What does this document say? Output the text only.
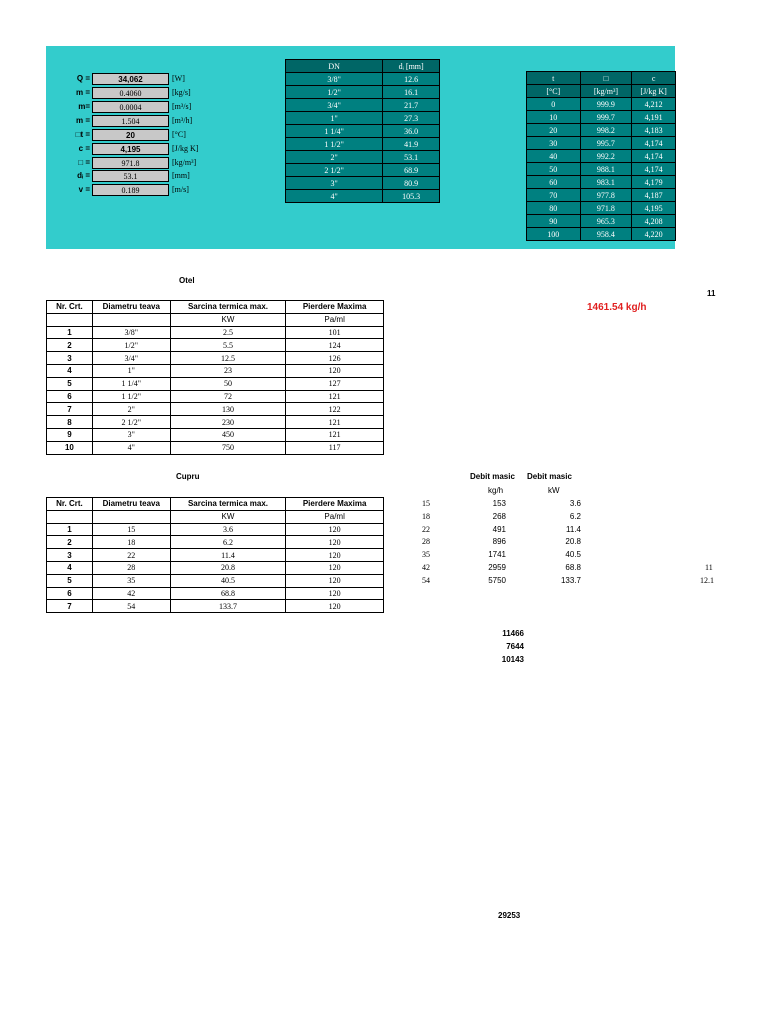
Q =	34,062	[W]
m =	0.4060	[kg/s]
m=	0.0004	[m³/s]
m =	1.504	[m³/h]
□t =	20	[°C]
c =	4,195	[J/kg K]
□ =	971.8	[kg/m³]
dᵢ =	53.1	[mm]
v =	0.189	[m/s]
DN	dᵢ [mm]
3/8"	12.6
1/2"	16.1
3/4"	21.7
1"	27.3
1 1/4"	36.0
1 1/2"	41.9
2"	53.1
2 1/2"	68.9
3"	80.9
4"	105.3
t	□	c
[°C]	[kg/m³]	[J/kg K]
0	999.9	4,212
10	999.7	4,191
20	998.2	4,183
30	995.7	4,174
40	992.2	4,174
50	988.1	4,174
60	983.1	4,179
70	977.8	4,187
80	971.8	4,195
90	965.3	4,208
100	958.4	4,220
Otel
Nr. Crt.	Diametru teava	Sarcina termica max.	Pierdere Maxima
		KW	Pa/ml
1	3/8"	2.5	101
2	1/2"	5.5	124
3	3/4"	12.5	126
4	1"	23	120
5	1 1/4"	50	127
6	1 1/2"	72	121
7	2"	130	122
8	2 1/2"	230	121
9	3"	450	121
10	4"	750	117
Cupru
Nr. Crt.	Diametru teava	Sarcina termica max.	Pierdere Maxima
		KW	Pa/ml
1	15	3.6	120
2	18	6.2	120
3	22	11.4	120
4	28	20.8	120
5	35	40.5	120
6	42	68.8	120
7	54	133.7	120
11
1461.54 kg/h
Debit masic Debit masic
kg/h	kW
15	153	3.6
18	268	6.2
22	491	11.4
28	896	20.8
35	1741	40.5
42	2959	68.8
54	5750	133.7
11
12.1
11466
7644
10143
29253
